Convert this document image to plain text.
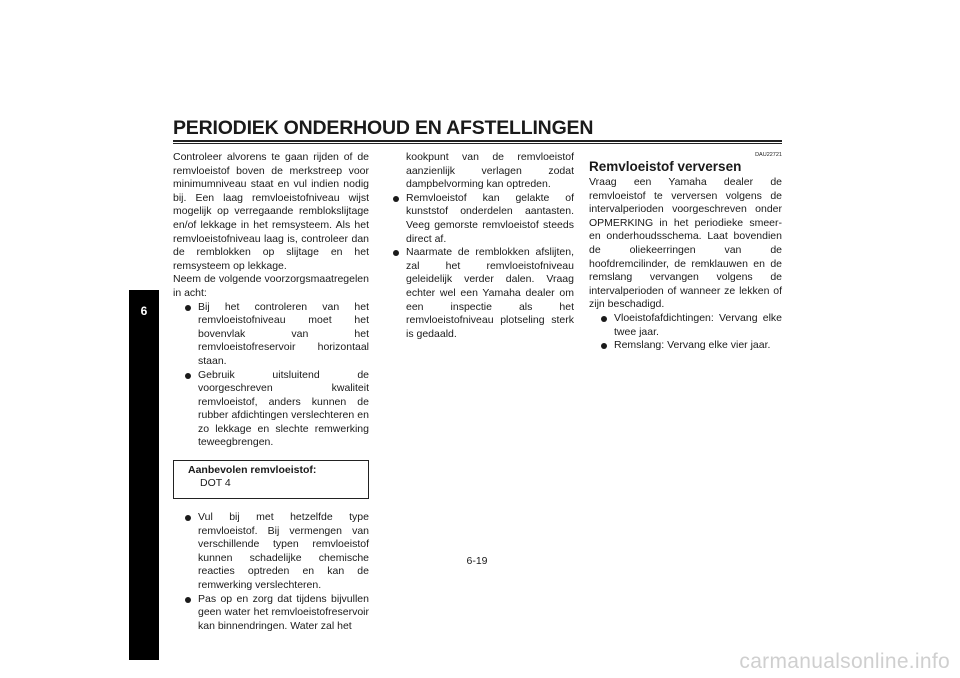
PERIODIEK ONDERHOUD EN AFSTELLINGEN
6

Controleer alvorens te gaan rijden of de remvloeistof boven de merkstreep voor minimumniveau staat en vul indien nodig bij. Een laag remvloeistofniveau wijst mogelijk op verregaande remblokslijtage en/of lekkage in het remsysteem. Als het remvloeistofniveau laag is, controleer dan de remblokken op slijtage en het remsysteem op lekkage.

Neem de volgende voorzorgsmaatregelen in acht:

Bij het controleren van het remvloeistofniveau moet het bovenvlak van het remvloeistofreservoir horizontaal staan.
Gebruik uitsluitend de voorgeschreven kwaliteit remvloeistof, anders kunnen de rubber afdichtingen verslechteren en zo lekkage en slechte remwerking teweegbrengen.
Aanbevolen remvloeistof:
DOT 4
Vul bij met hetzelfde type remvloeistof. Bij vermengen van verschillende typen remvloeistof kunnen schadelijke chemische reacties optreden en kan de remwerking verslechteren.
Pas op en zorg dat tijdens bijvullen geen water het remvloeistofreservoir kan binnendringen. Water zal het

kookpunt van de remvloeistof aanzienlijk verlagen zodat dampbelvorming kan optreden.

Remvloeistof kan gelakte of kunststof onderdelen aantasten. Veeg gemorste remvloeistof steeds direct af.
Naarmate de remblokken afslijten, zal het remvloeistofniveau geleidelijk verder dalen. Vraag echter wel een Yamaha dealer om een inspectie als het remvloeistofniveau plotseling sterk is gedaald.
DAU22721
Remvloeistof verversen

Vraag een Yamaha dealer de remvloeistof te verversen volgens de intervalperioden voorgeschreven onder OPMERKING in het periodieke smeer- en onderhoudsschema. Laat bovendien de oliekeerringen van de hoofdremcilinder, de remklauwen en de remslang vervangen volgens de intervalperioden of wanneer ze lekken of zijn beschadigd.

Vloeistofafdichtingen: Vervang elke twee jaar.
Remslang: Vervang elke vier jaar.
6-19
carmanualsonline.info
